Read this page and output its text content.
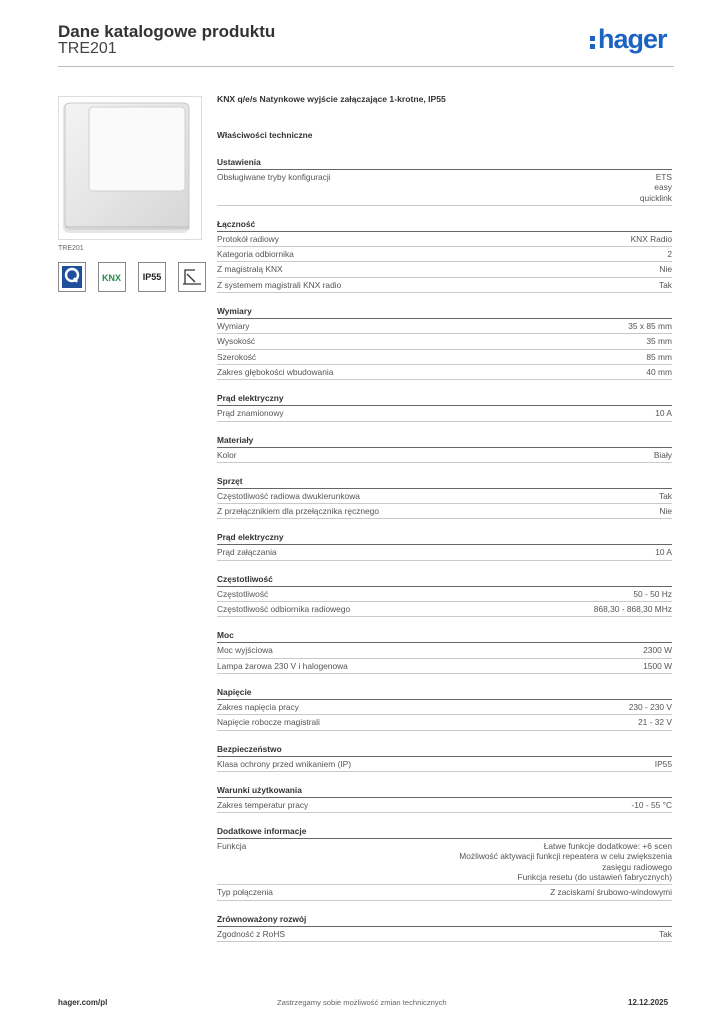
Dane katalogowe produktu
TRE201	hager
TRE201
KNX	IP55
KNX q/e/s Natynkowe wyjście załączające 1-krotne, IP55
Właściwości techniczne
Ustawienia
Obsługiwane tryby konfiguracji	ETS
easy
quicklink
Łączność
Protokół radiowy	KNX Radio
Kategoria odbiornika	2
Z magistralą KNX	Nie
Z systemem magistrali KNX radio	Tak
Wymiary
Wymiary	35 x 85 mm
Wysokość	35 mm
Szerokość	85 mm
Zakres głębokości wbudowania	40 mm
Prąd elektryczny
Prąd znamionowy	10 A
Materiały
Kolor	Biały
Sprzęt
Częstotliwość radiowa dwukierunkowa	Tak
Z przełącznikiem dla przełącznika ręcznego	Nie
Prąd elektryczny
Prąd załączania	10 A
Częstotliwość
Częstotliwość	50 - 50 Hz
Częstotliwość odbiornika radiowego	868,30 - 868,30 MHz
Moc
Moc wyjściowa	2300 W
Lampa żarowa 230 V i halogenowa	1500 W
Napięcie
Zakres napięcia pracy	230 - 230 V
Napięcie robocze magistrali	21 - 32 V
Bezpieczeństwo
Klasa ochrony przed wnikaniem (IP)	IP55
Warunki użytkowania
Zakres temperatur pracy	-10 - 55 °C
Dodatkowe informacje
Funkcja	Łatwe funkcje dodatkowe: +6 scen
Możliwość aktywacji funkcji repeatera w celu zwiększenia
zasięgu radiowego
Funkcja resetu (do ustawień fabrycznych)
Typ połączenia	Z zaciskami śrubowo-windowymi
Zrównoważony rozwój
Zgodność z RoHS	Tak
hager.com/pl	Zastrzegamy sobie możliwość zmian technicznych	12.12.2025
